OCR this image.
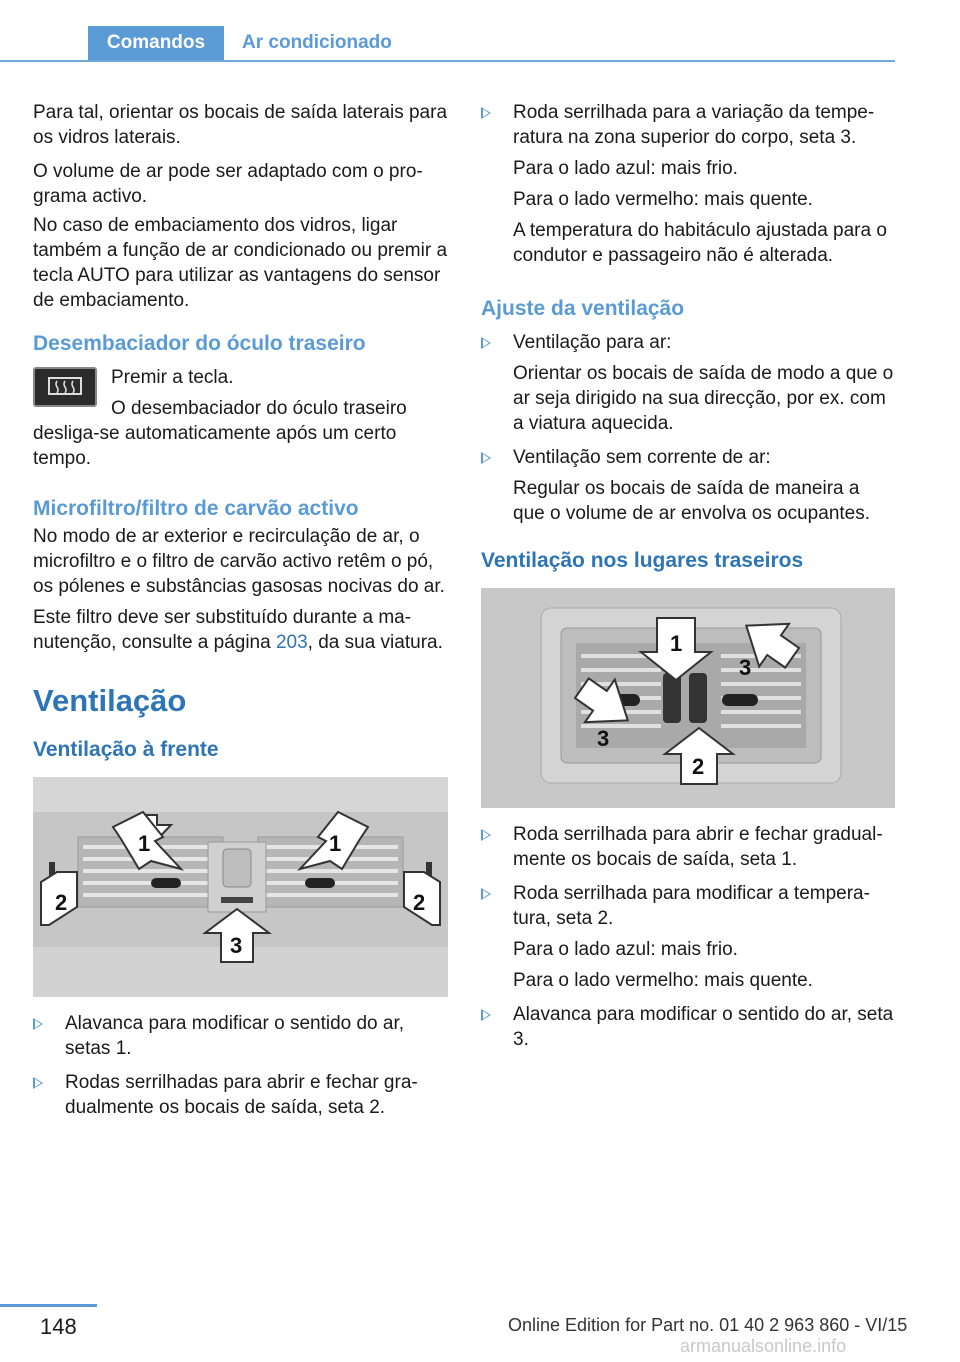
Comandos	Ar condicionado

Para tal, orientar os bocais de saída laterais para os vidros laterais.

O volume de ar pode ser adaptado com o programa activo.

No caso de embaciamento dos vidros, ligar também a função de ar condicionado ou premir a tecla AUTO para utilizar as vantagens do sensor de embaciamento.

Desembaciador do óculo traseiro

Premir a tecla.

O desembaciador do óculo traseiro desliga-se automaticamente após um certo tempo.

Microfiltro/filtro de carvão activo

No modo de ar exterior e recirculação de ar, o microfiltro e o filtro de carvão activo retêm o pó, os pólenes e substâncias gasosas nocivas do ar.

Este filtro deve ser substituído durante a manutenção, consulte a página 203, da sua viatura.

Ventilação
Ventilação à frente
1	1
2	2
3
Alavanca para modificar o sentido do ar, setas 1.
Rodas serrilhadas para abrir e fechar gradualmente os bocais de saída, seta 2.
Roda serrilhada para a variação da temperatura na zona superior do corpo, seta 3.
Para o lado azul: mais frio.
Para o lado vermelho: mais quente.
A temperatura do habitáculo ajustada para o condutor e passageiro não é alterada.
Ajuste da ventilação
Ventilação para ar:
Orientar os bocais de saída de modo a que o ar seja dirigido na sua direcção, por ex. com a viatura aquecida.
Ventilação sem corrente de ar:
Regular os bocais de saída de maneira a que o volume de ar envolva os ocupantes.
Ventilação nos lugares traseiros
1
3
3
2
Roda serrilhada para abrir e fechar gradualmente os bocais de saída, seta 1.
Roda serrilhada para modificar a temperatura, seta 2.
Para o lado azul: mais frio.
Para o lado vermelho: mais quente.
Alavanca para modificar o sentido do ar, seta 3.
148	Online Edition for Part no. 01 40 2 963 860 - VI/15
armanualsonline.info
